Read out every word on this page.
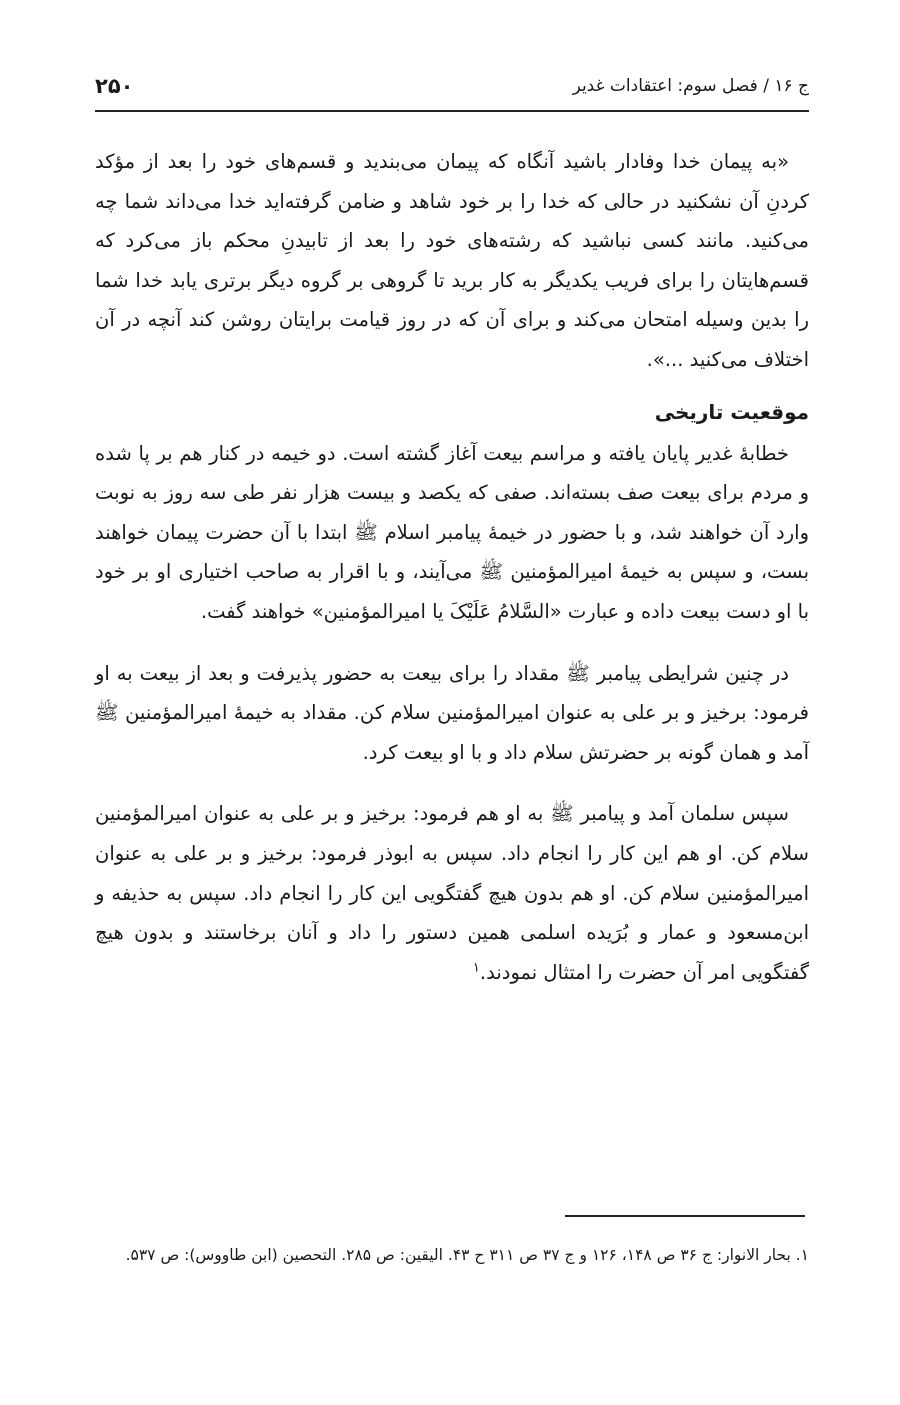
ج ۱۶ / فصل سوم: اعتقادات غدیر
۲۵۰

«به پیمان خدا وفادار باشید آنگاه که پیمان می‌بندید و قسم‌های خود را بعد از مؤکد کردنِ آن نشکنید در حالی که خدا را بر خود شاهد و ضامن گرفته‌اید خدا می‌داند شما چه می‌کنید. مانند کسی نباشید که رشته‌های خود را بعد از تابیدنِ محکم باز می‌کرد که قسم‌هایتان را برای فریب یکدیگر به کار برید تا گروهی بر گروه دیگر برتری یابد خدا شما را بدین وسیله امتحان می‌کند و برای آن که در روز قیامت برایتان روشن کند آنچه در آن اختلاف می‌کنید ...».

موقعیت تاریخی

خطابهٔ غدیر پایان یافته و مراسم بیعت آغاز گشته است. دو خیمه در کنار هم بر پا شده و مردم برای بیعت صف بسته‌اند. صفی که یکصد و بیست هزار نفر طی سه روز به نوبت وارد آن خواهند شد، و با حضور در خیمهٔ پیامبر اسلام ﷺ ابتدا با آن حضرت پیمان خواهند بست، و سپس به خیمهٔ امیرالمؤمنین ﷺ می‌آیند، و با اقرار به صاحب اختیاری او بر خود با او دست بیعت داده و عبارت «السَّلامُ عَلَیْکَ یا امیرالمؤمنین» خواهند گفت.

در چنین شرایطی پیامبر ﷺ مقداد را برای بیعت به حضور پذیرفت و بعد از بیعت به او فرمود: برخیز و بر علی به عنوان امیرالمؤمنین سلام کن. مقداد به خیمهٔ امیرالمؤمنین ﷺ آمد و همان گونه بر حضرتش سلام داد و با او بیعت کرد.

سپس سلمان آمد و پیامبر ﷺ به او هم فرمود: برخیز و بر علی به عنوان امیرالمؤمنین سلام کن. او هم این کار را انجام داد. سپس به ابوذر فرمود: برخیز و بر علی به عنوان امیرالمؤمنین سلام کن. او هم بدون هیچ گفتگویی این کار را انجام داد. سپس به حذیفه و ابن‌مسعود و عمار و بُرَیده اسلمی همین دستور را داد و آنان برخاستند و بدون هیچ گفتگویی امر آن حضرت را امتثال نمودند.$^۱$

۱. بحار الانوار: ج ۳۶ ص ۱۴۸، ۱۲۶ و ج ۳۷ ص ۳۱۱ ح ۴۳. الیقین: ص ۲۸۵. التحصین (ابن طاووس): ص ۵۳۷.
